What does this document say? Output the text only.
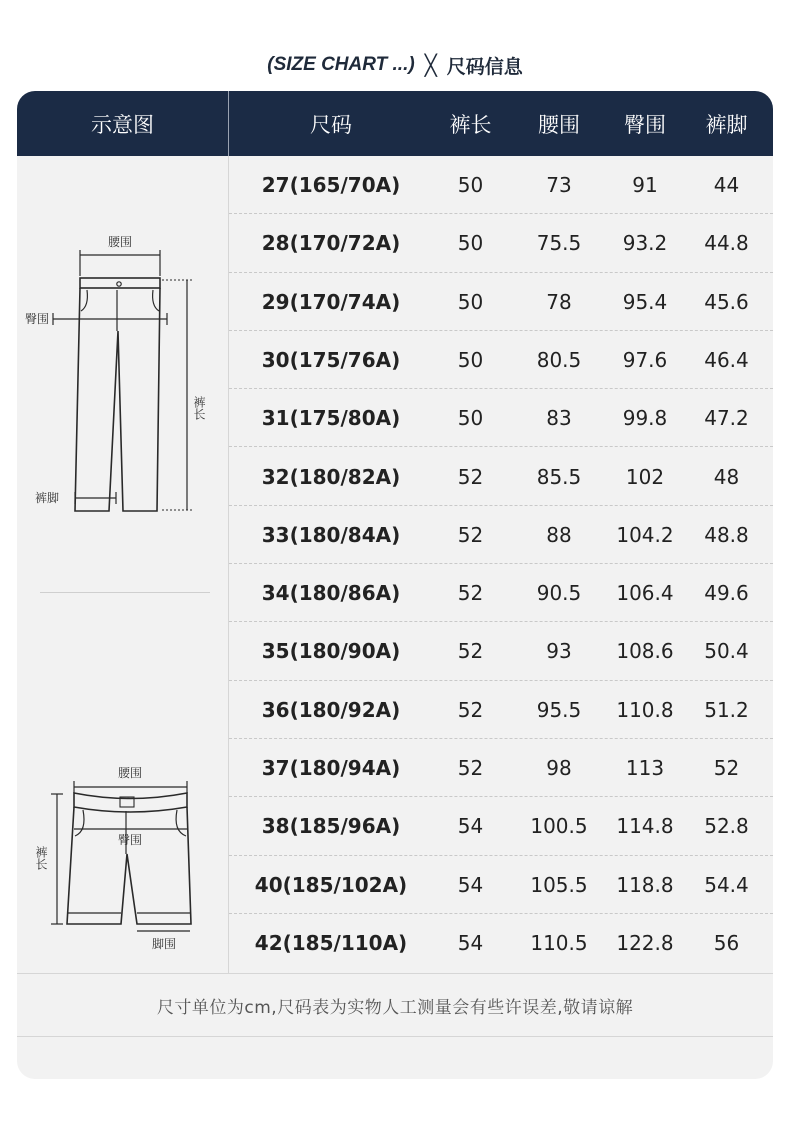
(SIZE CHART ...) ╳ 尺码信息
示意图	尺码	裤长	腰围	臀围	裤脚
腰围
臀围
裤脚
裤长
腰围
臀围
脚围
裤长
27(165/70A)	50	73	91	44
28(170/72A)	50	75.5	93.2	44.8
29(170/74A)	50	78	95.4	45.6
30(175/76A)	50	80.5	97.6	46.4
31(175/80A)	50	83	99.8	47.2
32(180/82A)	52	85.5	102	48
33(180/84A)	52	88	104.2	48.8
34(180/86A)	52	90.5	106.4	49.6
35(180/90A)	52	93	108.6	50.4
36(180/92A)	52	95.5	110.8	51.2
37(180/94A)	52	98	113	52
38(185/96A)	54	100.5	114.8	52.8
40(185/102A)	54	105.5	118.8	54.4
42(185/110A)	54	110.5	122.8	56
尺寸单位为cm,尺码表为实物人工测量会有些许误差,敬请谅解
